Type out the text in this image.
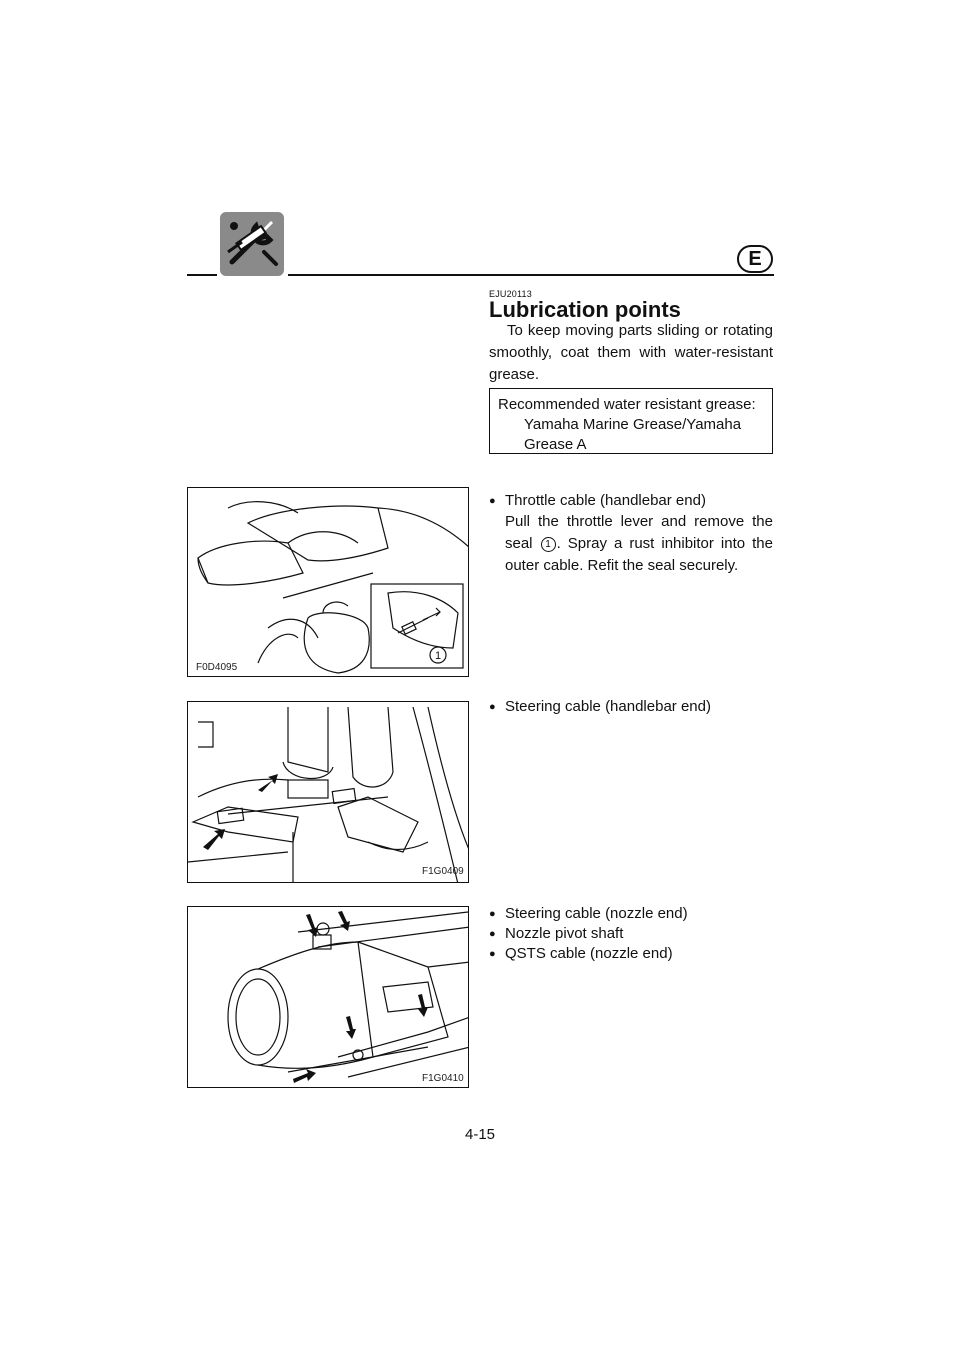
E
EJU20113
Lubrication points

To keep moving parts sliding or rotating smoothly, coat them with water-resistant grease.

Recommended water resistant grease:
Yamaha Marine Grease/Yamaha
Grease A
1
F0D4095
● Throttle cable (handlebar end)

Pull the throttle lever and remove the seal 1 . Spray a rust inhibitor into the outer cable. Refit the seal securely.

F1G0409
● Steering cable (handlebar end)
F1G0410
● Steering cable (nozzle end)
● Nozzle pivot shaft
● QSTS cable (nozzle end)
4-15
